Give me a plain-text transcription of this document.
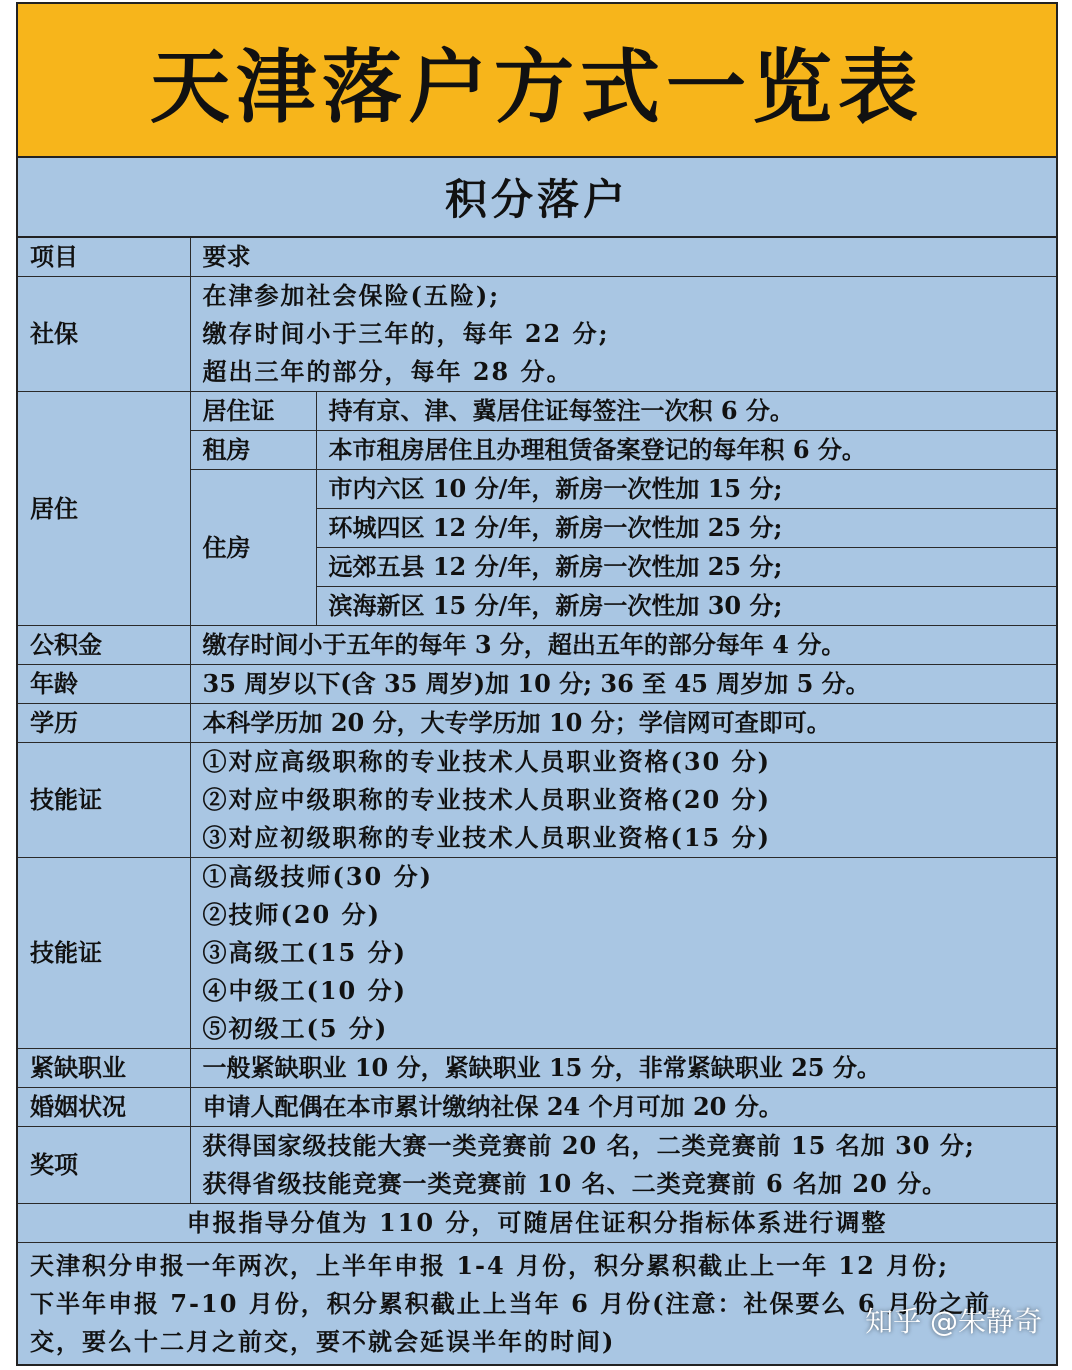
天津落户方式一览表
积分落户
项目	要求	
社保	在津参加社会保险(五险);
缴存时间小于三年的，每年 22 分;
超出三年的部分，每年 28 分。	

居住	居住证	持有京、津、冀居住证每签注一次积 6 分。
	租房	本市租房居住且办理租赁备案登记的每年积 6 分。
	住房	市内六区 10 分/年，新房一次性加 15 分;
		环城四区 12 分/年，新房一次性加 25 分;
		远郊五县 12 分/年，新房一次性加 25 分;
		滨海新区 15 分/年，新房一次性加 30 分;
公积金	缴存时间小于五年的每年 3 分，超出五年的部分每年 4 分。	
年龄	35 周岁以下(含 35 周岁)加 10 分; 36 至 45 周岁加 5 分。	
学历	本科学历加 20 分，大专学历加 10 分；学信网可查即可。	
技能证	①对应高级职称的专业技术人员职业资格(30 分)
②对应中级职称的专业技术人员职业资格(20 分)
③对应初级职称的专业技术人员职业资格(15 分)	

技能证	①高级技师(30 分)
②技师(20 分)
③高级工(15 分)
④中级工(10 分)
⑤初级工(5 分)	

紧缺职业	一般紧缺职业 10 分，紧缺职业 15 分，非常紧缺职业 25 分。	
婚姻状况	申请人配偶在本市累计缴纳社保 24 个月可加 20 分。	
奖项	获得国家级技能大赛一类竞赛前 20 名，二类竞赛前 15 名加 30 分;
获得省级技能竞赛一类竞赛前 10 名、二类竞赛前 6 名加 20 分。	

申报指导分值为 110 分，可随居住证积分指标体系进行调整		
天津积分申报一年两次，上半年申报 1-4 月份，积分累积截止上一年 12 月份;
下半年申报 7-10 月份，积分累积截止上当年 6 月份(注意：社保要么 6 月份之前
交，要么十二月之前交，要不就会延误半年的时间)
知乎 @朱静奇
